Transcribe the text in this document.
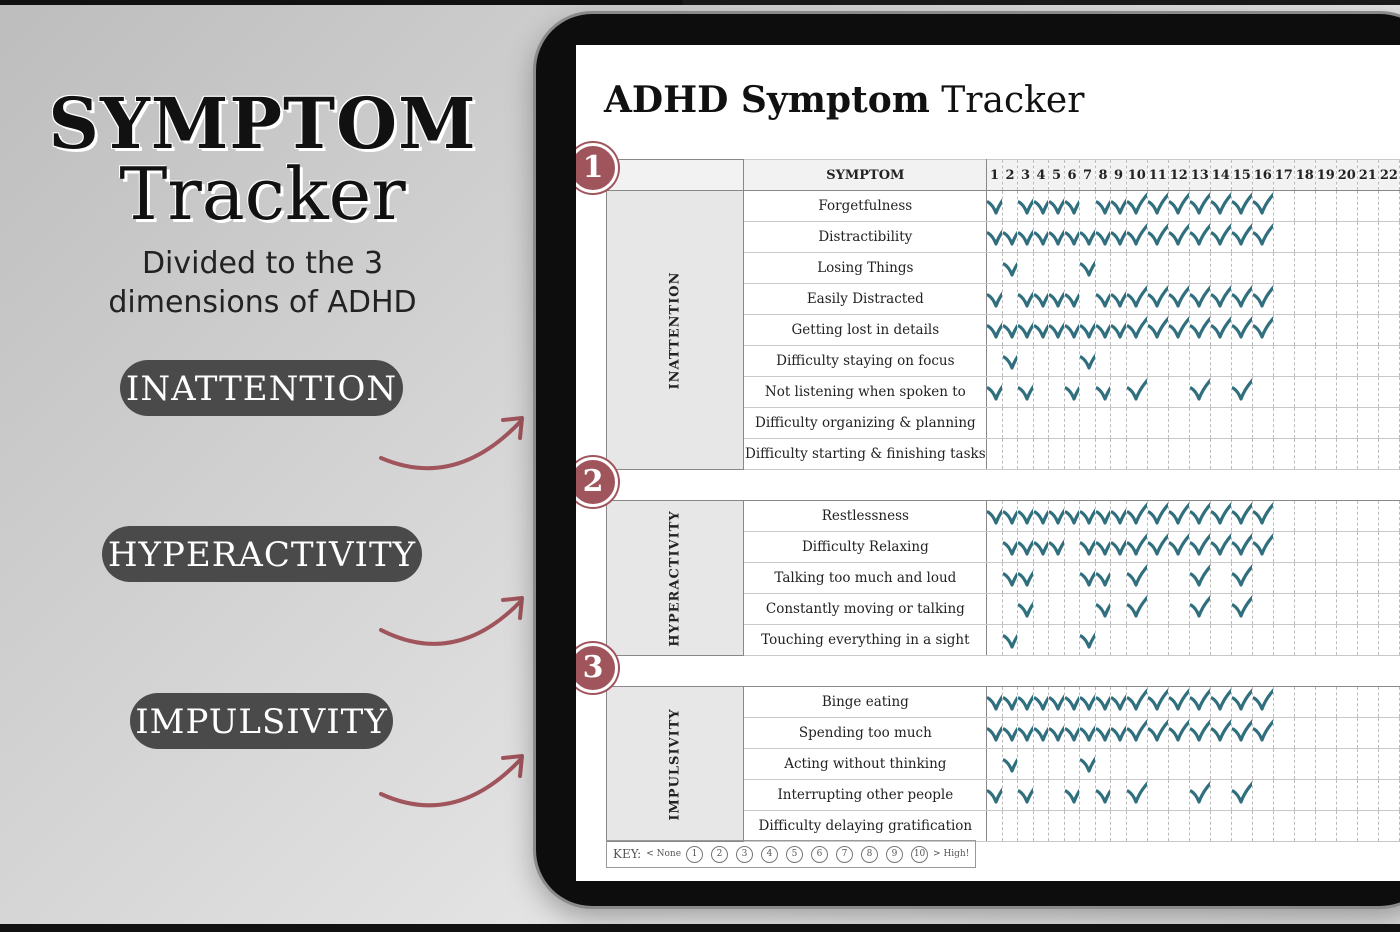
SYMPTOM
Tracker
Divided to the 3
dimensions of ADHD
INATTENTION
HYPERACTIVITY
IMPULSIVITY
ADHD Symptom Tracker
	SYMPTOM	1	2	3	4	5	6	7	8	9	10	11	12	13	14	15	16	17	18	19	20	21	22
INATTENTION	Forgetfulness	

	Distractibility	

	Losing Things		

	Easily Distracted	

	Getting lost in details	

	Difficulty staying on focus		

	Not listening when spoken to	

	Difficulty organizing & planning																						
	Difficulty starting & finishing tasks																						

HYPERACTIVITY	Restlessness	

	Difficulty Relaxing		

	Talking too much and loud		

	Constantly moving or talking			

	Touching everything in a sight		

IMPULSIVITY	Binge eating	

	Spending too much	

	Acting without thinking		

	Interrupting other people	

	Difficulty delaying gratification																						
KEY: < None	1	2	3	4	5	6	7	8	9	10 > High!
1
2
3
